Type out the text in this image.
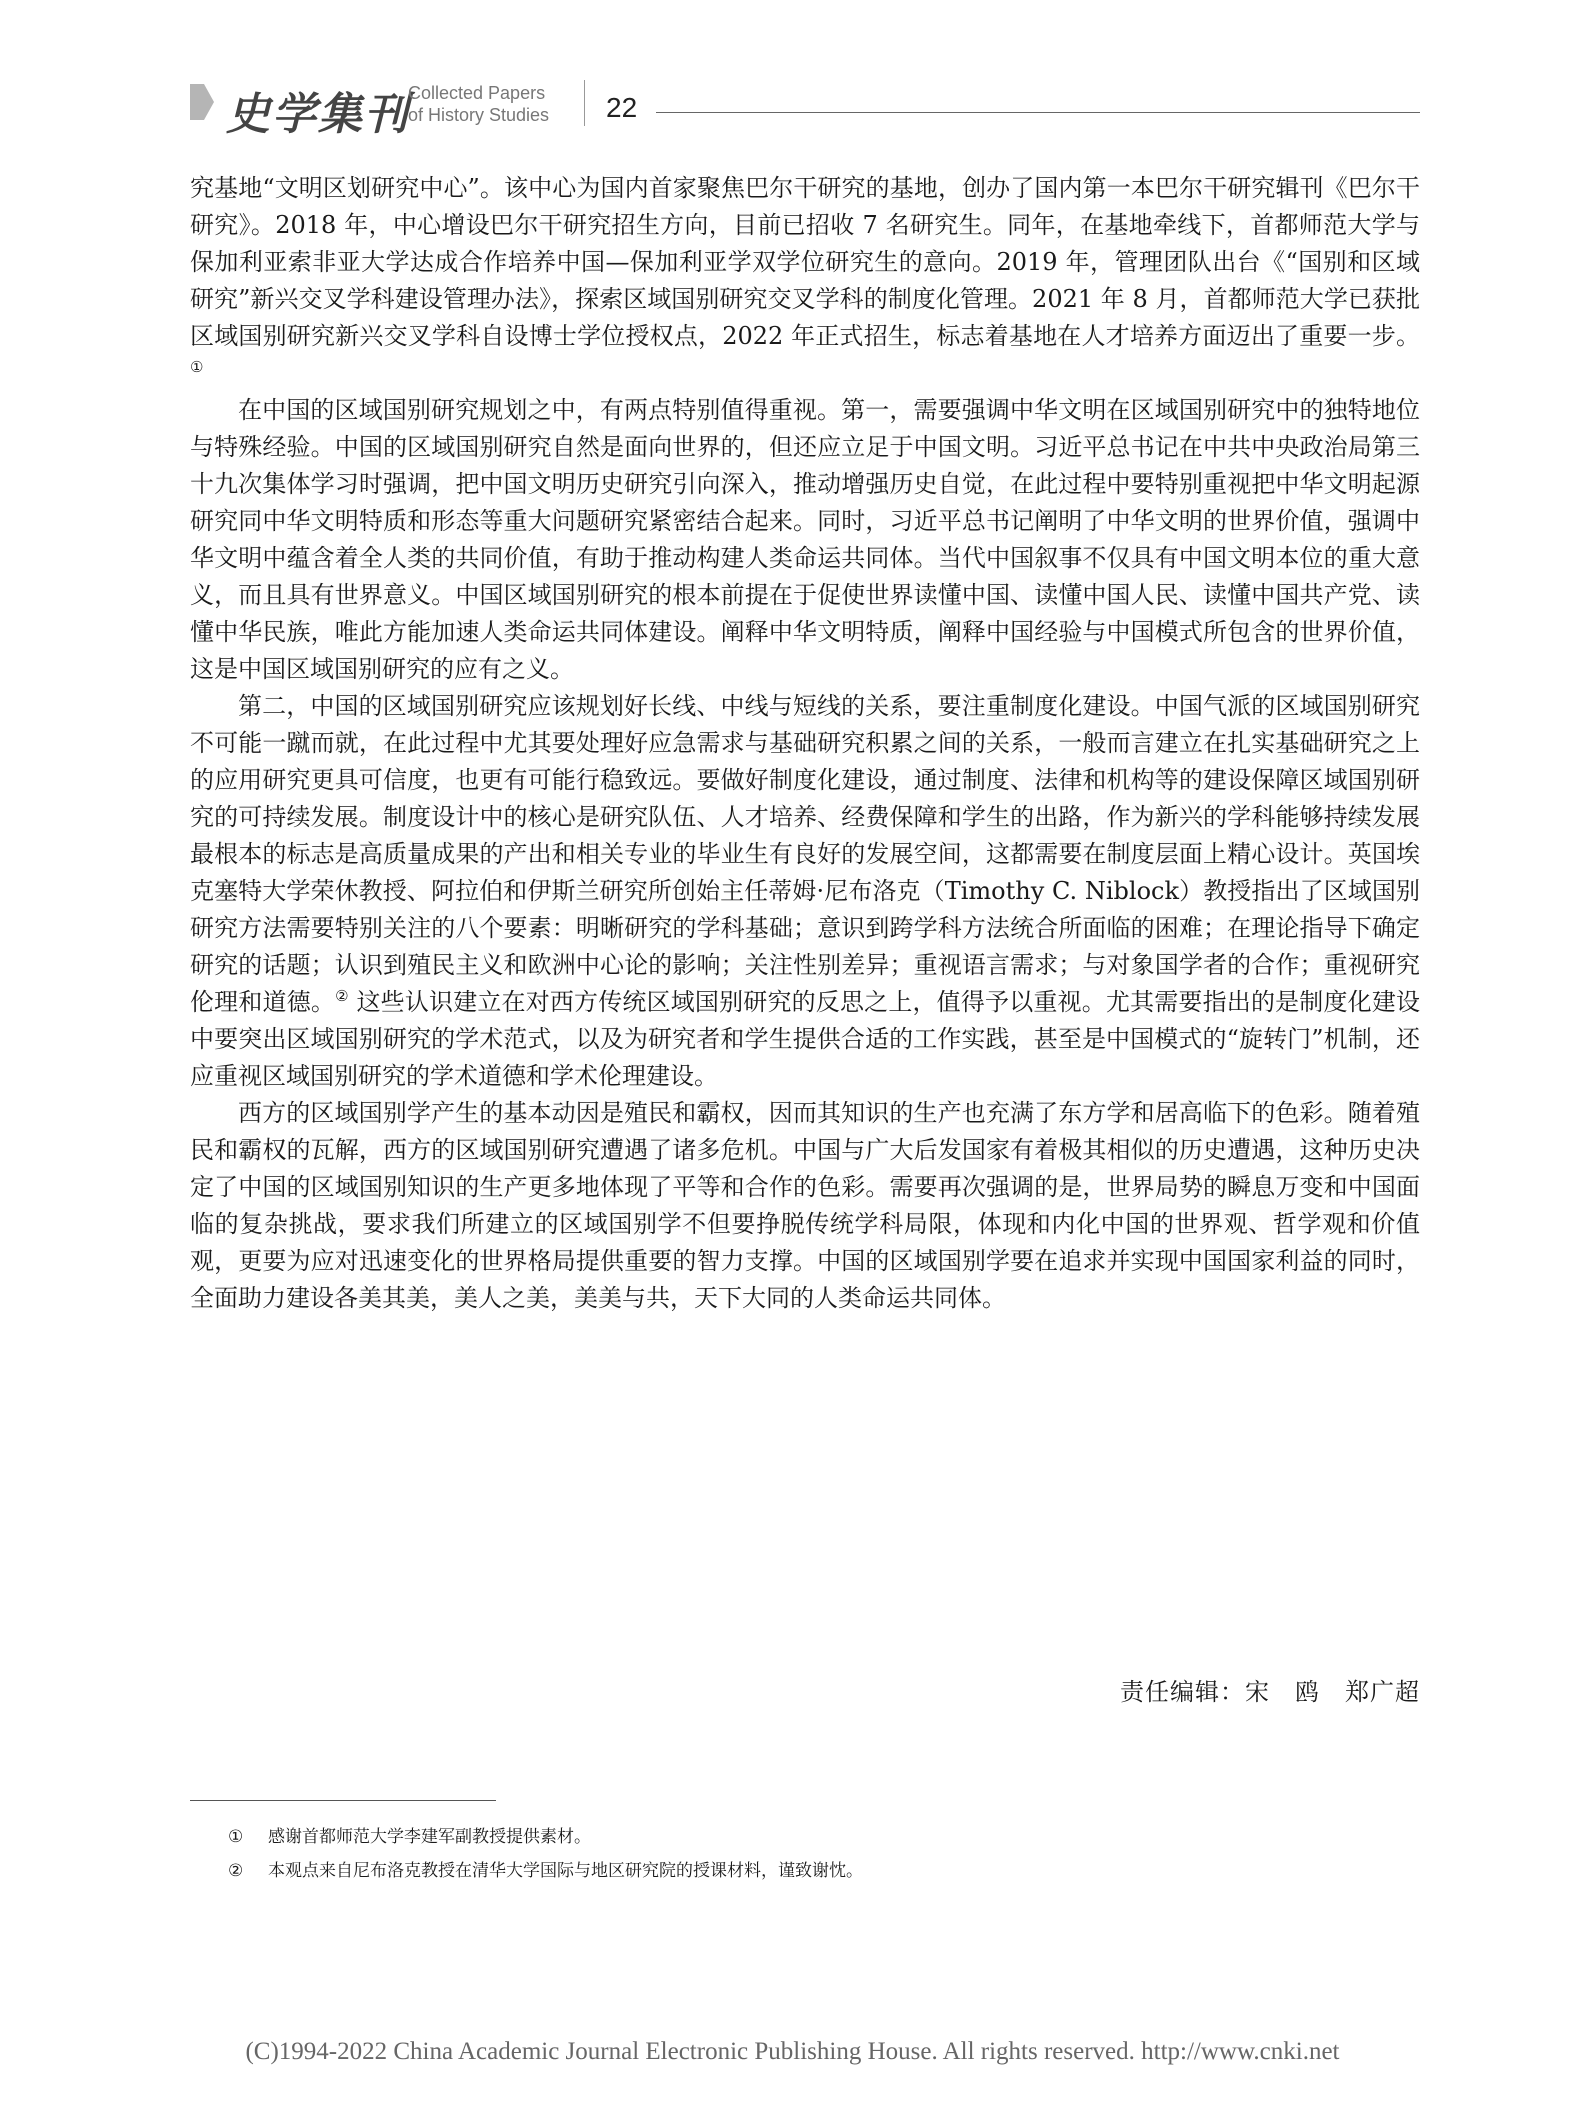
史学集刊
Collected Papers
of History Studies 22

究基地“文明区划研究中心”。该中心为国内首家聚焦巴尔干研究的基地，创办了国内第一本巴尔干研究辑刊《巴尔干研究》。2018 年，中心增设巴尔干研究招生方向，目前已招收 7 名研究生。同年，在基地牵线下，首都师范大学与保加利亚索非亚大学达成合作培养中国—保加利亚学双学位研究生的意向。2019 年，管理团队出台《“国别和区域研究”新兴交叉学科建设管理办法》，探索区域国别研究交叉学科的制度化管理。2021 年 8 月，首都师范大学已获批区域国别研究新兴交叉学科自设博士学位授权点，2022 年正式招生，标志着基地在人才培养方面迈出了重要一步。①

在中国的区域国别研究规划之中，有两点特别值得重视。第一，需要强调中华文明在区域国别研究中的独特地位与特殊经验。中国的区域国别研究自然是面向世界的，但还应立足于中国文明。习近平总书记在中共中央政治局第三十九次集体学习时强调，把中国文明历史研究引向深入，推动增强历史自觉，在此过程中要特别重视把中华文明起源研究同中华文明特质和形态等重大问题研究紧密结合起来。同时，习近平总书记阐明了中华文明的世界价值，强调中华文明中蕴含着全人类的共同价值，有助于推动构建人类命运共同体。当代中国叙事不仅具有中国文明本位的重大意义，而且具有世界意义。中国区域国别研究的根本前提在于促使世界读懂中国、读懂中国人民、读懂中国共产党、读懂中华民族，唯此方能加速人类命运共同体建设。阐释中华文明特质，阐释中国经验与中国模式所包含的世界价值，这是中国区域国别研究的应有之义。

第二，中国的区域国别研究应该规划好长线、中线与短线的关系，要注重制度化建设。中国气派的区域国别研究不可能一蹴而就，在此过程中尤其要处理好应急需求与基础研究积累之间的关系，一般而言建立在扎实基础研究之上的应用研究更具可信度，也更有可能行稳致远。要做好制度化建设，通过制度、法律和机构等的建设保障区域国别研究的可持续发展。制度设计中的核心是研究队伍、人才培养、经费保障和学生的出路，作为新兴的学科能够持续发展最根本的标志是高质量成果的产出和相关专业的毕业生有良好的发展空间，这都需要在制度层面上精心设计。英国埃克塞特大学荣休教授、阿拉伯和伊斯兰研究所创始主任蒂姆·尼布洛克（Timothy C. Niblock）教授指出了区域国别研究方法需要特别关注的八个要素：明晰研究的学科基础；意识到跨学科方法统合所面临的困难；在理论指导下确定研究的话题；认识到殖民主义和欧洲中心论的影响；关注性别差异；重视语言需求；与对象国学者的合作；重视研究伦理和道德。② 这些认识建立在对西方传统区域国别研究的反思之上，值得予以重视。尤其需要指出的是制度化建设中要突出区域国别研究的学术范式，以及为研究者和学生提供合适的工作实践，甚至是中国模式的“旋转门”机制，还应重视区域国别研究的学术道德和学术伦理建设。

西方的区域国别学产生的基本动因是殖民和霸权，因而其知识的生产也充满了东方学和居高临下的色彩。随着殖民和霸权的瓦解，西方的区域国别研究遭遇了诸多危机。中国与广大后发国家有着极其相似的历史遭遇，这种历史决定了中国的区域国别知识的生产更多地体现了平等和合作的色彩。需要再次强调的是，世界局势的瞬息万变和中国面临的复杂挑战，要求我们所建立的区域国别学不但要挣脱传统学科局限，体现和内化中国的世界观、哲学观和价值观，更要为应对迅速变化的世界格局提供重要的智力支撑。中国的区域国别学要在追求并实现中国国家利益的同时，全面助力建设各美其美，美人之美，美美与共，天下大同的人类命运共同体。

责任编辑：宋　鸥　郑广超
① 感谢首都师范大学李建军副教授提供素材。
② 本观点来自尼布洛克教授在清华大学国际与地区研究院的授课材料，谨致谢忱。
(C)1994-2022 China Academic Journal Electronic Publishing House. All rights reserved. http://www.cnki.net
